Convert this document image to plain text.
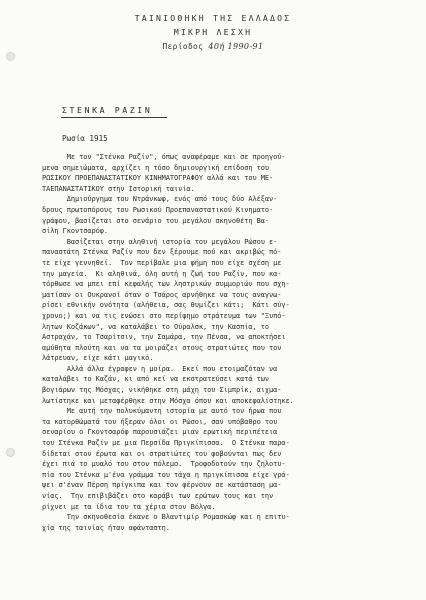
ΤΑΙΝΙΟΘΗΚΗ ΤΗΣ ΕΛΛΑΔΟΣ
ΜΙΚΡΗ ΛΕΣΧΗ
Περίοδος 40ή 1990-91
ΣΤΕΝΚΑ ΡΑΖΙΝ
Ρωσία 1915
Με τον "Στένκα Ραζίν", όπως αναφέραμε και σε προηγού-
μενα σημειώματα, αρχίζει η τόσο δημιουργική επίδοση του
ΡΩΣΙΚΟΥ ΠΡΟΕΠΑΝΑΣΤΑΤΙΚΟΥ ΚΙΝΗΜΑΤΟΓΡΑΦΟΥ αλλά και του ΜΕ-
ΤΑΕΠΑΝΑΣΤΑΤΙΚΟΥ στην Ιστορική ταινία.
Δημιούργημα του Ντράνκωφ, ενός από τους δύο Αλέξαν-
δρους πρωτοπόρους του Ρωσικού Προεπαναστατικού Κινηματο-
γράφου, βασίζεται στο σενάριο του μεγάλου σκηνοθέτη Βα-
σίλη Γκοντσαρόφ.
Βασίζεται στην αληθινή ιστορία του μεγάλου Ρώσου ε-
παναστάτη Στένκα Ραζίν που δεν ξέρουμε πού και ακριβώς πό-
τε είχε γεννηθεί.  Τον περίβαλε μια φήμη που είχε σχέση με
την μαγεία.  Κι αληθινά, όλη αυτή η ζωή του Ραζίν, που κα-
τόρθωσε να μπει επί κεφαλής των ληστρικών συμμοριών που σχη-
ματίσαν οι Ουκρανοί όταν ο Τσάρος αρνήθηκε να τους αναγνω-
ρίσει εθνικήν ονότητα (αλήθεια, σας θυμίζει κάτι;  Κάτι σύγ-
χρονο;) και να τις ενώσει στο περίφημο στράτευμα των "Ξυπό-
λητων Κοζάκων", να καταλάβει το Ούραλσκ, την Κασπία, το
Αστραχάν, το Τσαρίτσιν, την Σαμάρα, την Πένσα, να αποκτήσει
αμύθητα πλούτη και να τα μοιράζει στους στρατιώτες που τον
λάτρευαν, είχε κάτι μαγικό.
Αλλά άλλα έγραφεν η μοίρα.  Εκεί που ετοιμαζόταν να
καταλάβει το Καζάν, κι από κεί να εκστρατεύσει κατά των
βογιάρων της Μόσχας, νικήθηκε στη μάχη του Σιμπρίκ, αιχμα-
λωτίστηκε και μεταφέρθηκε στην Μόσχα όπου και αποκεφαλίστηκε.
Με αυτή την πολυκύμαντη ιστορία με αυτό τον ήρωα που
τα κατορθώματά του ήξεραν όλοι οι Ρώσοι, σαν υπόβαθρο του
σεναρίου ο Γκοντσαρόφ παρουσιάζει μιαν ερωτική περιπέτεια
του Στένκα Ραζίν με μια Περσίδα Πριγκίπισσα.  Ο Στένκα παρα-
δίδεται στον έρωτα και οι στρατιώτες του φοβούνται πως δεν
έχει πιά το μυαλό του στον πόλεμο.  Τροφοδοτούν την ζηλοτυ-
πία του Στένκα μ'ένα γράμμα του τάχα η πριγκίπισσα είχε γρά-
ψει σ'έναν Πέρση πρίγκιπα και τον φέρνουν σε κατάσταση μα-
νίας.  Την επιβιβάζει στο καράβι των ερώτων τους και την
ρίχνει με τα ίδια του τα χέρια στον Βόλγα.
Την σκηνοθεσία έκανε ο Βλαντιμίρ Ρομασκώφ και η επιτυ-
χία της ταινίας ήταν αφάνταστη.
